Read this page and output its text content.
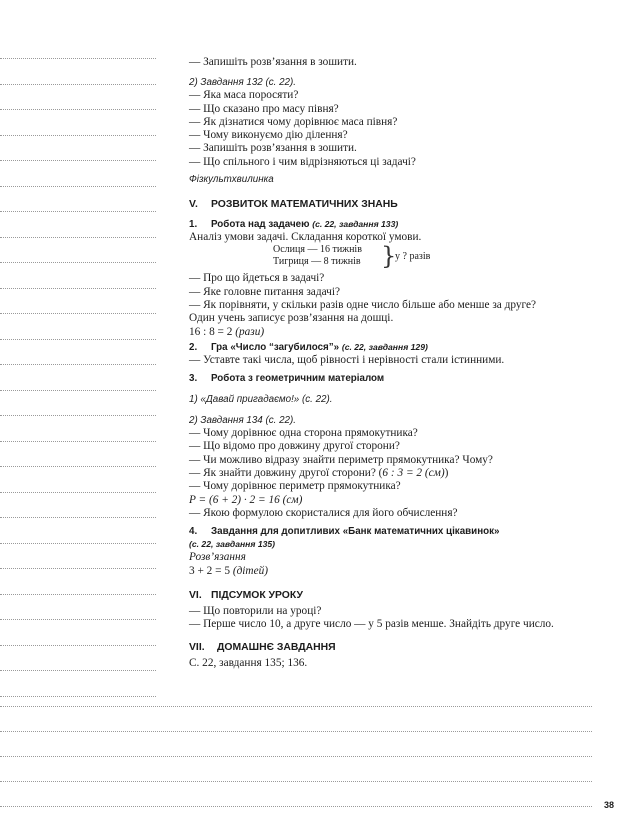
— Запишіть розв’язання в зошити.
2) Завдання 132 (с. 22).
— Яка маса поросяти?
— Що сказано про масу півня?
— Як дізнатися чому дорівнює маса півня?
— Чому виконуємо дію ділення?
— Запишіть розв’язання в зошити.
— Що спільного і чим відрізняються ці задачі?
Фізкультхвилинка
V. РОЗВИТОК МАТЕМАТИЧНИХ ЗНАНЬ
1. Робота над задачею (с. 22, завдання 133)
Аналіз умови задачі. Складання короткої умови.
Ослиця — 16 тижнів
Тигриця — 8 тижнів }
у ? разів
— Про що йдеться в задачі?
— Яке головне питання задачі?
— Як порівняти, у скільки разів одне число більше або менше за друге?
Один учень записує розв’язання на дошці.
16 : 8 = 2 (рази)
2. Гра «Число “загубилося”» (с. 22, завдання 129)
— Уставте такі числа, щоб рівності і нерівності стали істинними.
3. Робота з геометричним матеріалом
1) «Давай пригадаємо!» (с. 22).
2) Завдання 134 (с. 22).
— Чому дорівнює одна сторона прямокутника?
— Що відомо про довжину другої сторони?
— Чи можливо відразу знайти периметр прямокутника? Чому?
— Як знайти довжину другої сторони? (6 : 3 = 2 (см))
— Чому дорівнює периметр прямокутника?
P = (6 + 2) · 2 = 16 (см)
— Якою формулою скористалися для його обчислення?
4. Завдання для допитливих «Банк математичних цікавинок»
(с. 22, завдання 135)
Розв’язання
3 + 2 = 5 (дітей)
VI. ПІДСУМОК УРОКУ
— Що повторили на уроці?
— Перше число 10, а друге число — у 5 разів менше. Знайдіть друге число.
VII. ДОМАШНЄ ЗАВДАННЯ
С. 22, завдання 135; 136.
38
